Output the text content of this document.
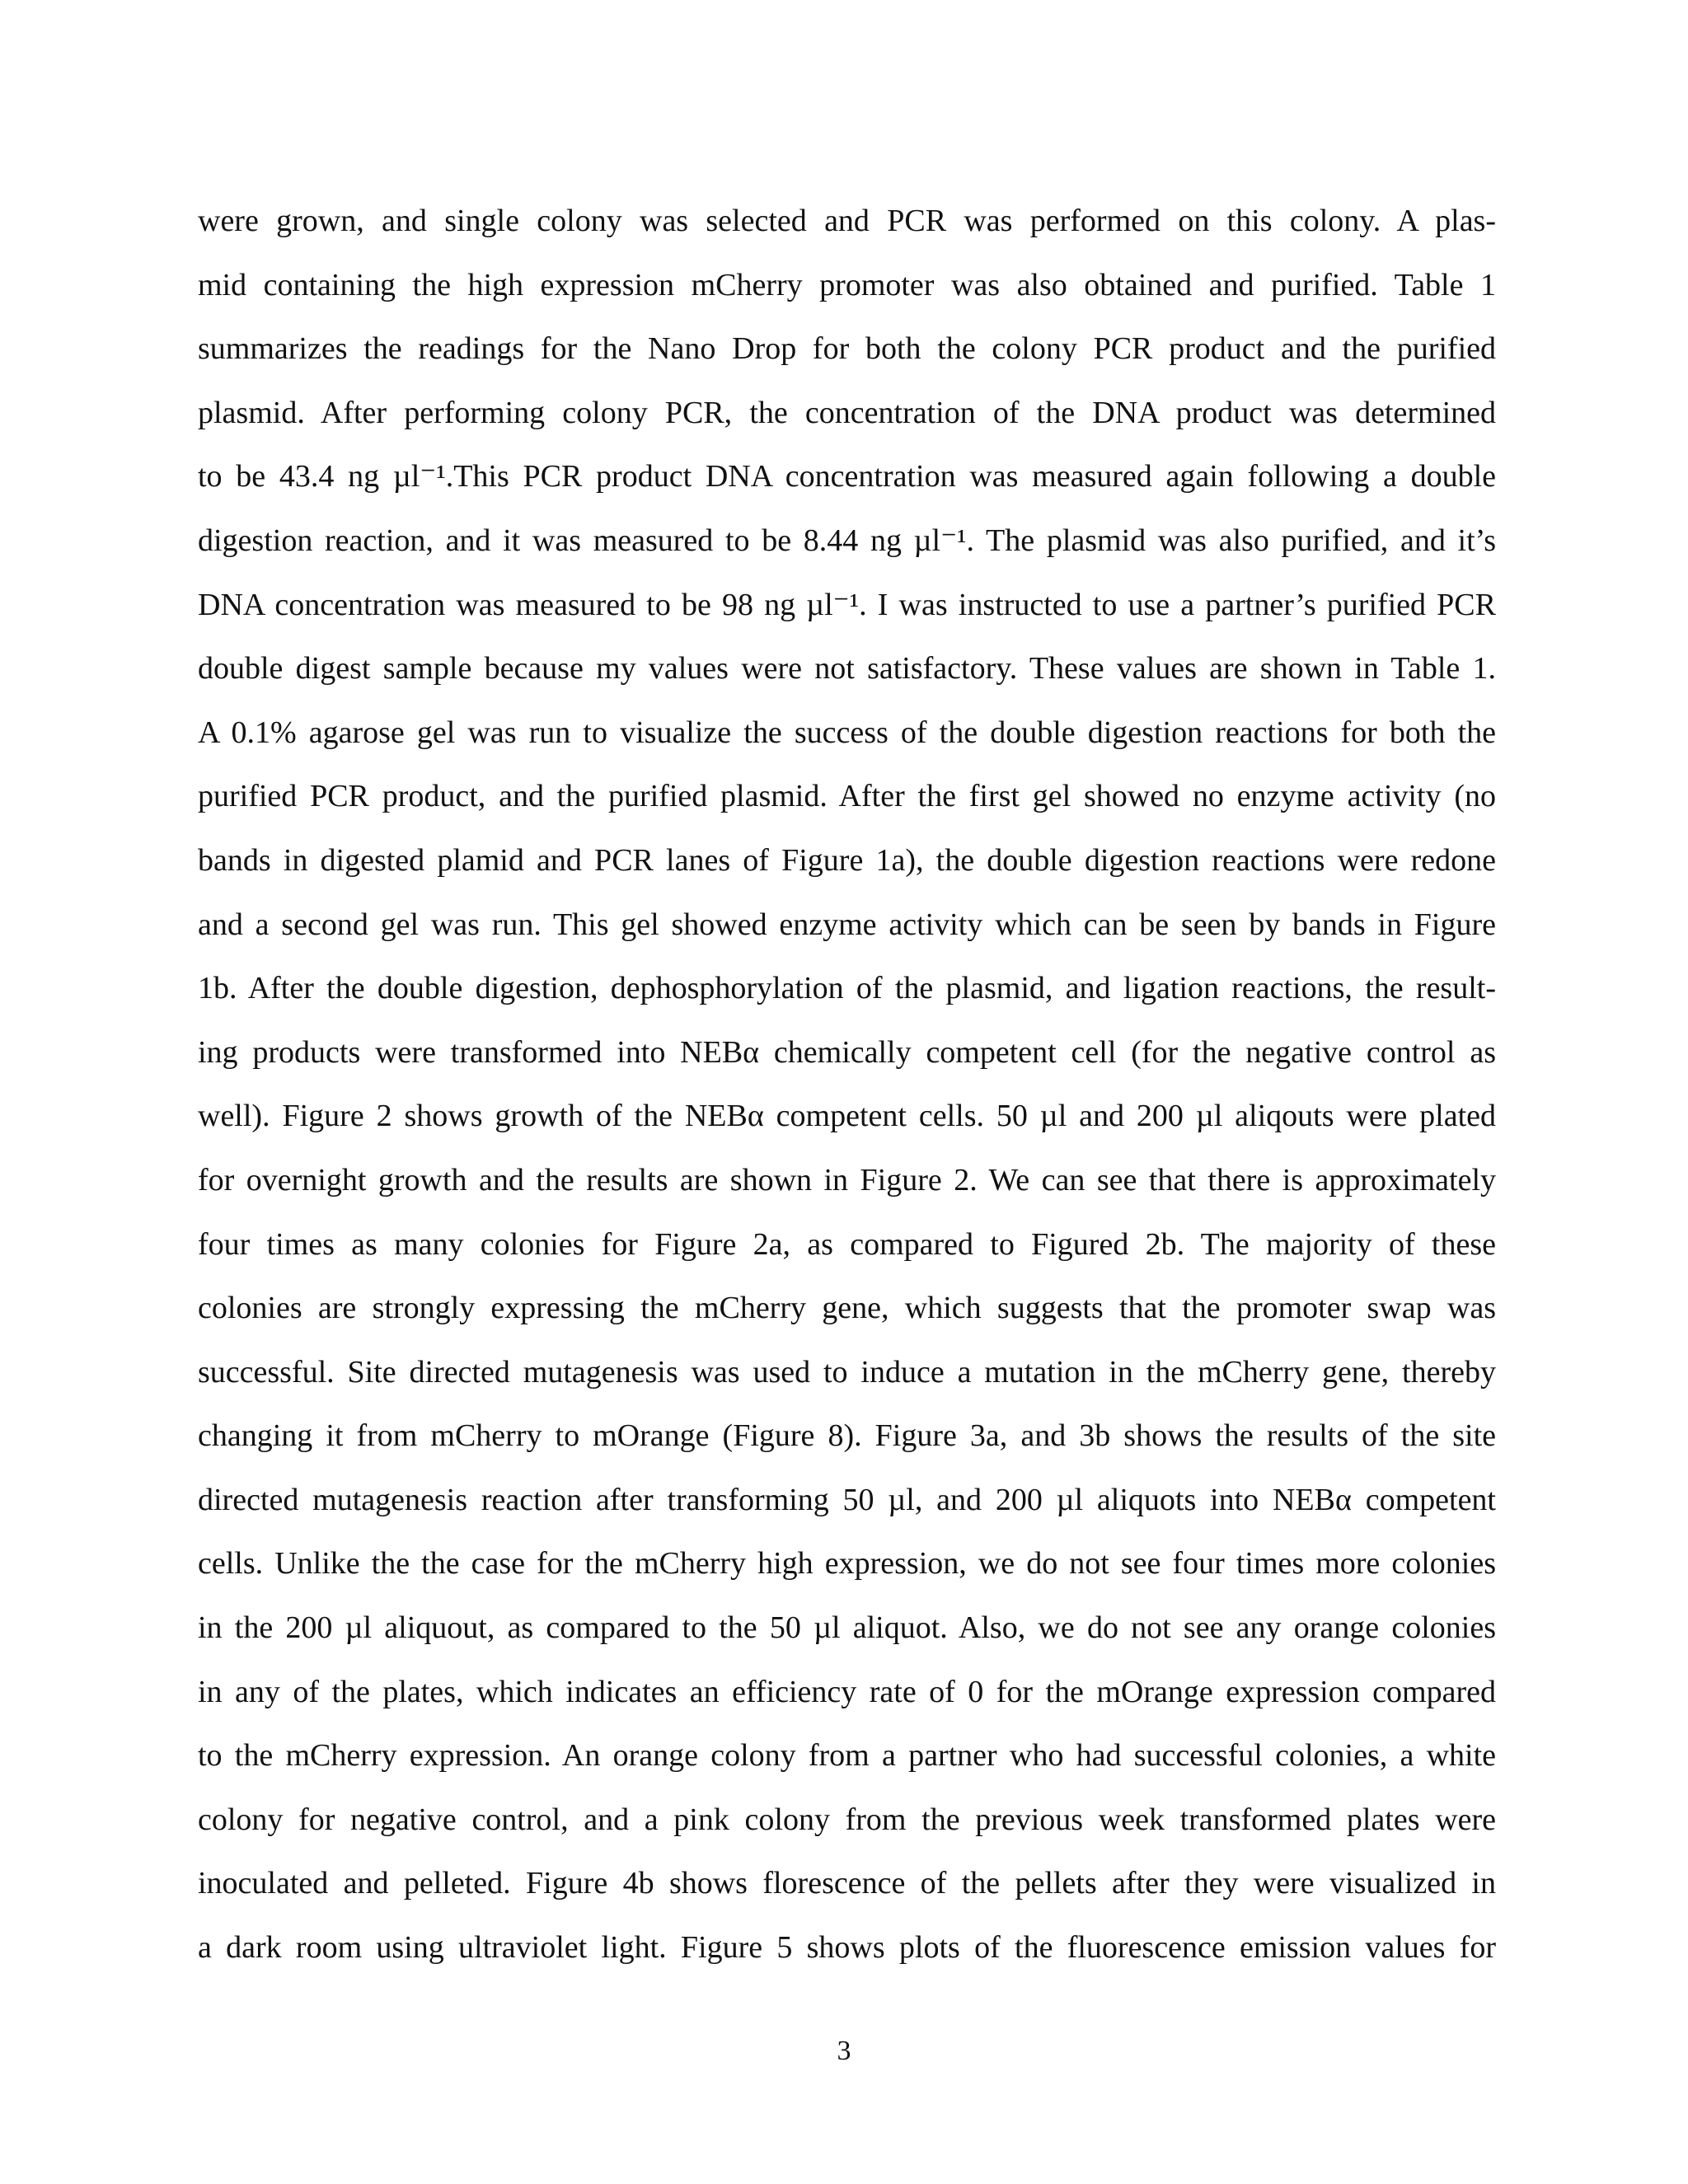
were grown, and single colony was selected and PCR was performed on this colony. A plas-
mid containing the high expression mCherry promoter was also obtained and purified. Table 1
summarizes the readings for the Nano Drop for both the colony PCR product and the purified
plasmid. After performing colony PCR, the concentration of the DNA product was determined
to be 43.4 ng µl⁻¹.This PCR product DNA concentration was measured again following a double
digestion reaction, and it was measured to be 8.44 ng µl⁻¹. The plasmid was also purified, and it’s
DNA concentration was measured to be 98 ng µl⁻¹. I was instructed to use a partner’s purified PCR
double digest sample because my values were not satisfactory. These values are shown in Table 1.
A 0.1% agarose gel was run to visualize the success of the double digestion reactions for both the
purified PCR product, and the purified plasmid. After the first gel showed no enzyme activity (no
bands in digested plamid and PCR lanes of Figure 1a), the double digestion reactions were redone
and a second gel was run. This gel showed enzyme activity which can be seen by bands in Figure
1b. After the double digestion, dephosphorylation of the plasmid, and ligation reactions, the result-
ing products were transformed into NEBα chemically competent cell (for the negative control as
well). Figure 2 shows growth of the NEBα competent cells. 50 µl and 200 µl aliqouts were plated
for overnight growth and the results are shown in Figure 2. We can see that there is approximately
four times as many colonies for Figure 2a, as compared to Figured 2b. The majority of these
colonies are strongly expressing the mCherry gene, which suggests that the promoter swap was
successful. Site directed mutagenesis was used to induce a mutation in the mCherry gene, thereby
changing it from mCherry to mOrange (Figure 8). Figure 3a, and 3b shows the results of the site
directed mutagenesis reaction after transforming 50 µl, and 200 µl aliquots into NEBα competent
cells. Unlike the the case for the mCherry high expression, we do not see four times more colonies
in the 200 µl aliquout, as compared to the 50 µl aliquot. Also, we do not see any orange colonies
in any of the plates, which indicates an efficiency rate of 0 for the mOrange expression compared
to the mCherry expression. An orange colony from a partner who had successful colonies, a white
colony for negative control, and a pink colony from the previous week transformed plates were
inoculated and pelleted. Figure 4b shows florescence of the pellets after they were visualized in
a dark room using ultraviolet light. Figure 5 shows plots of the fluorescence emission values for
3
